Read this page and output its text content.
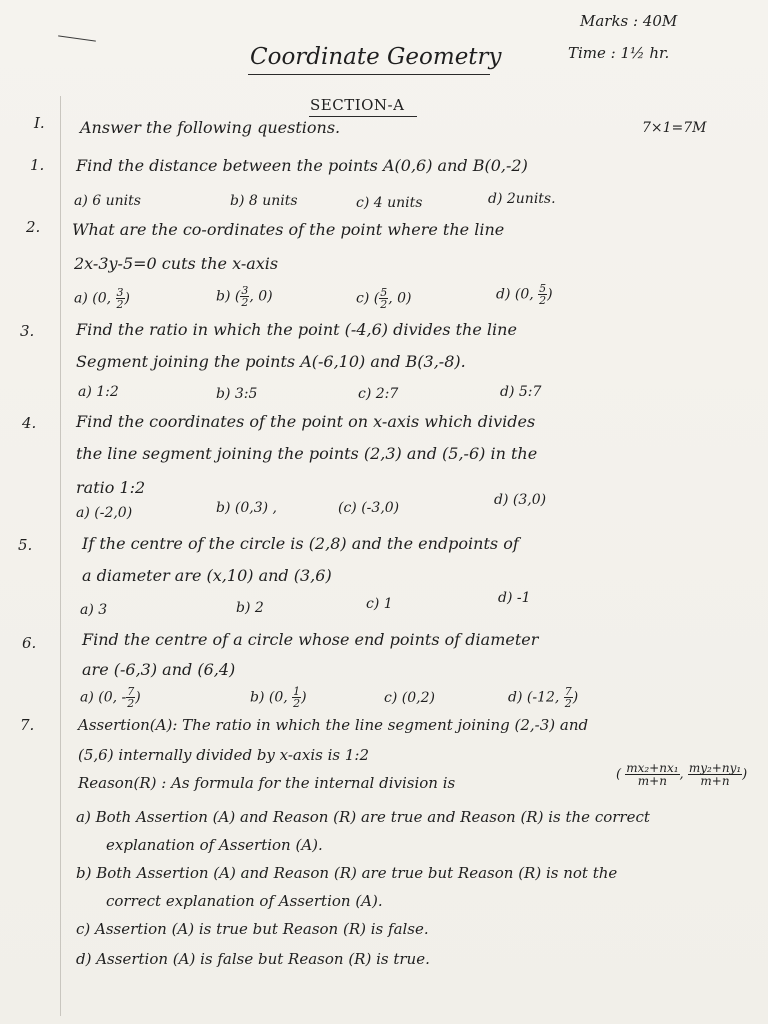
Marks : 40M
Coordinate Geometry	Time : 1½ hr.
SECTION-A
I. Answer the following questions.	7×1=7M
1. Find the distance between the points A(0,6) and B(0,-2)
a) 6 units	b) 8 units	c) 4 units	d) 2units.
2. What are the co-ordinates of the point where the line
2x-3y-5=0 cuts the x-axis
a) (0, $\frac{3}{2}$ )	b) ( $\frac{3}{2}$ , 0)	c) ( $\frac{5}{2}$ , 0)	d) (0, $\frac{5}{2}$ )
3.	Find the ratio in which the point (-4,6) divides the line
Segment joining the points A(-6,10) and B(3,-8).
a) 1:2	b) 3:5	c) 2:7	d) 5:7
4. Find the coordinates of the point on x-axis which divides
the line segment joining the points (2,3) and (5,-6) in the
ratio 1:2
a) (-2,0)	b) (0,3) ,	(c) (-3,0)	d) (3,0)
5.	If the centre of the circle is (2,8) and the endpoints of
a diameter are (x,10) and (3,6)
a) 3	b) 2	c) 1	d) -1
6.	Find the centre of a circle whose end points of diameter
are (-6,3) and (6,4)
a) (0, - $\frac{7}{2}$ )	b) (0, $\frac{1}{2}$ )	c) (0,2)	d) (-12, $\frac{7}{2}$ )
7.	Assertion(A): The ratio in which the line segment joining (2,-3) and
(5,6) internally divided by x-axis is 1:2
Reason(R) : As formula for the internal division is	( $\frac{\text{mx₂+nx₁}}{m+n}$ , $\frac{\text{my₂+ny₁}}{m+n}$ )
a) Both Assertion (A) and Reason (R) are true and Reason (R) is the correct
explanation of Assertion (A).
b) Both Assertion (A) and Reason (R) are true but Reason (R) is not the
correct explanation of Assertion (A).
c) Assertion (A) is true but Reason (R) is false.
d) Assertion (A) is false but Reason (R) is true.
